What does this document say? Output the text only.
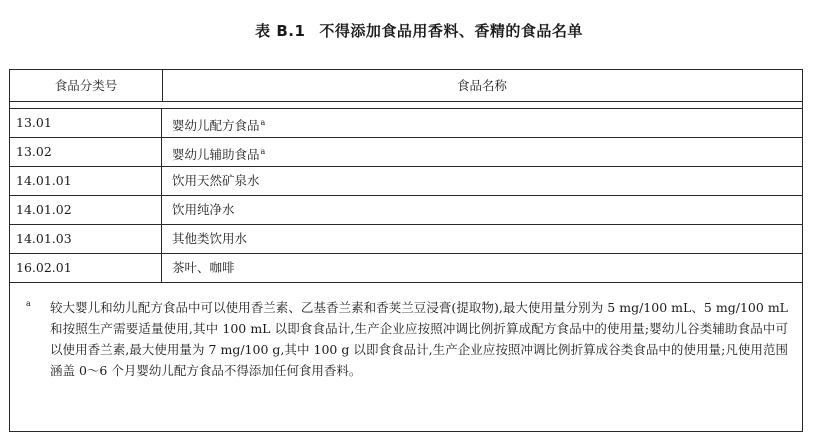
表 B.1 不得添加食品用香料、香精的食品名单
食品分类号	食品名称
13.01	婴幼儿配方食品$^a$
13.02	婴幼儿辅助食品$^a$
14.01.01	饮用天然矿泉水
14.01.02	饮用纯净水
14.01.03	其他类饮用水
16.02.01	茶叶、咖啡
a	较大婴儿和幼儿配方食品中可以使用香兰素、乙基香兰素和香荚兰豆浸膏(提取物),最大使用量分别为 5 mg/100 mL、5 mg/100 mL 和按照生产需要适量使用,其中 100 mL 以即食食品计,生产企业应按照冲调比例折算成配方食品中的使用量;婴幼儿谷类辅助食品中可以使用香兰素,最大使用量为 7 mg/100 g,其中 100 g 以即食食品计,生产企业应按照冲调比例折算成谷类食品中的使用量;凡使用范围涵盖 0～6 个月婴幼儿配方食品不得添加任何食用香料。
